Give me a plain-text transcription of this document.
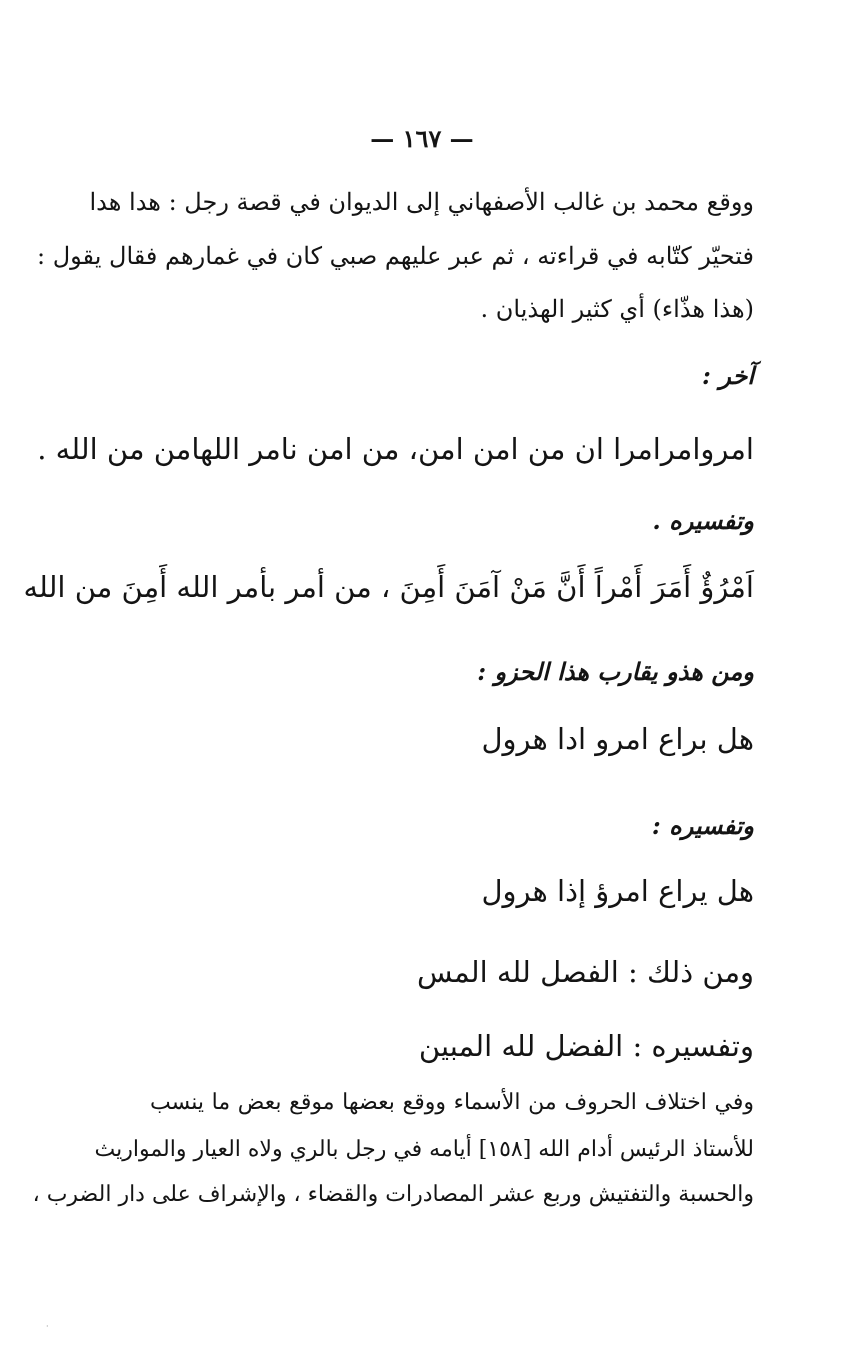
— ١٦٧ —
ووقع محمد بن غالب الأصفهاني إلى الديوان في قصة رجل : هدا هدا
فتحيّر كتّابه في قراءته ، ثم عبر عليهم صبي كان في غمارهم فقال يقول :
(هذا هذّاء) أي كثير الهذيان .
آخر :
امروامرامرا ان من امن امن، من امن نامر اللهامن من الله .
وتفسيره .
اَمْرُؤٌ أَمَرَ أَمْراً أَنَّ مَنْ آمَنَ أَمِنَ ، من أمر بأمر الله أَمِنَ من الله
ومن هذو يقارب هذا الحزو :
هل براع امرو ادا هرول
وتفسيره :
هل يراع امرؤ إذا هرول
ومن ذلك : الفصل لله المس
وتفسيره : الفضل لله المبين
وفي اختلاف الحروف من الأسماء ووقع بعضها موقع بعض ما ينسب
للأستاذ الرئيس أدام الله [١٥٨] أيامه في رجل بالري ولاه العيار والمواريث
والحسبة والتفتيش وربع عشر المصادرات والقضاء ، والإشراف على دار الضرب ،
·
